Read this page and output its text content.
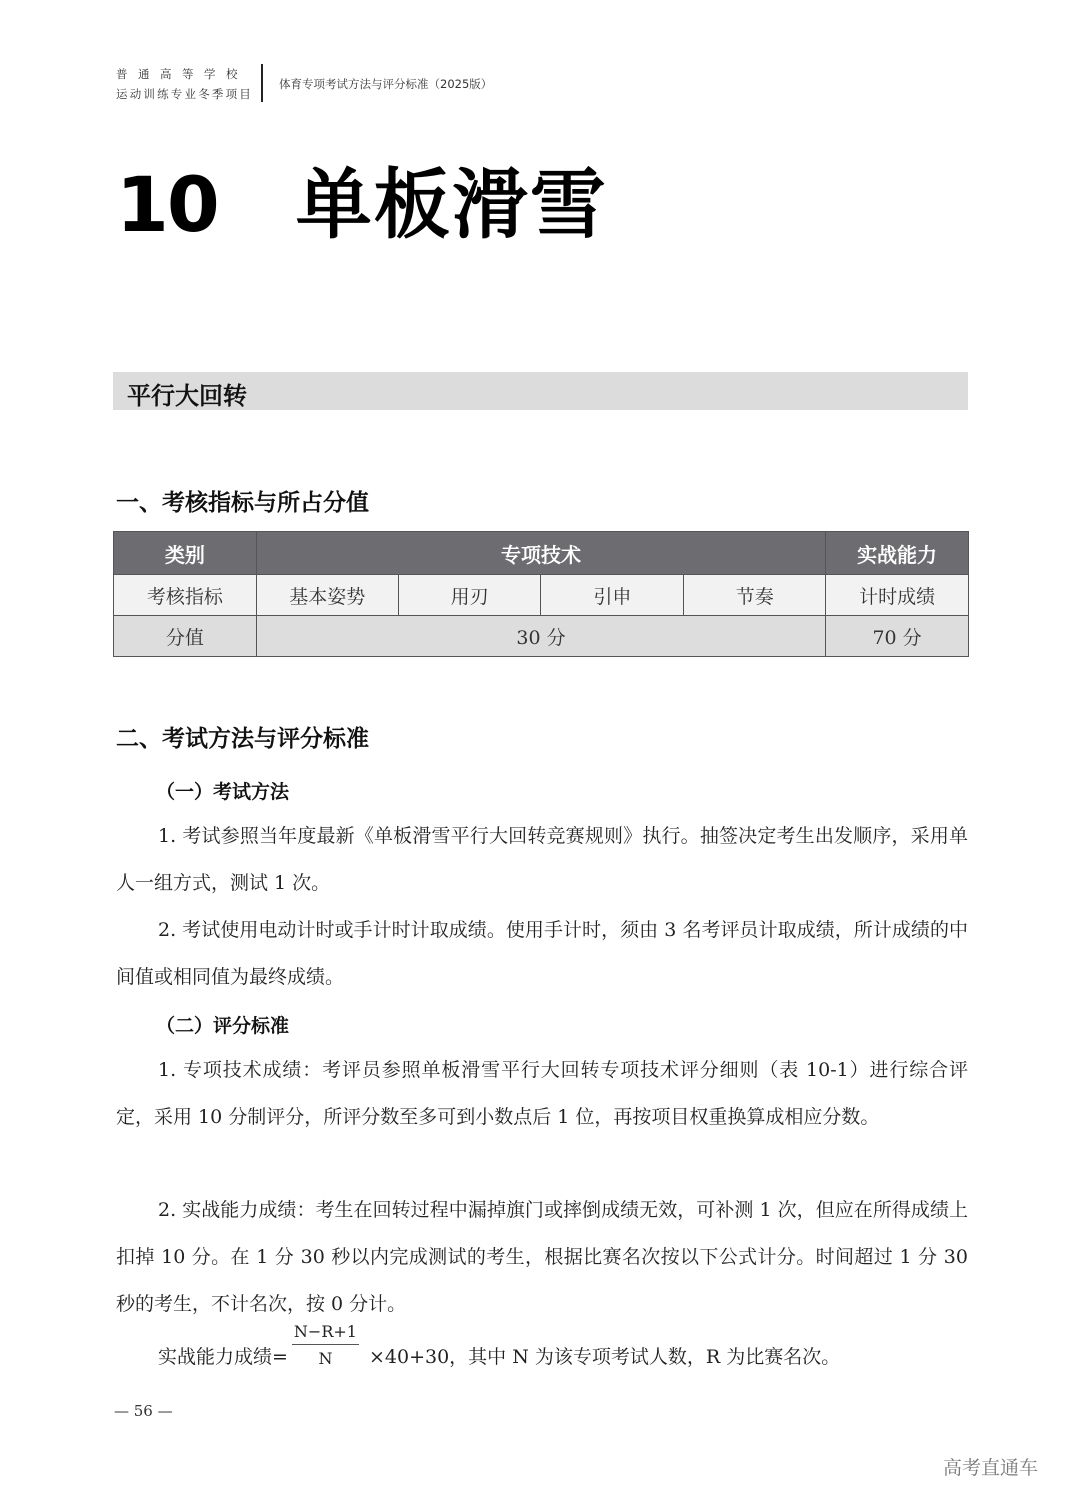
普通高等学校
运动训练专业冬季项目
体育专项考试方法与评分标准（2025版）
10 单板滑雪
平行大回转
一、考核指标与所占分值
类别	专项技术				实战能力
考核指标	基本姿势	用刃	引申	节奏	计时成绩
分值	30 分				70 分
二、考试方法与评分标准
（一）考试方法
1. 考试参照当年度最新《单板滑雪平行大回转竞赛规则》执行。抽签决定考生出发顺序，采用单人一组方式，测试 1 次。
2. 考试使用电动计时或手计时计取成绩。使用手计时，须由 3 名考评员计取成绩，所计成绩的中间值或相同值为最终成绩。
（二）评分标准
1. 专项技术成绩：考评员参照单板滑雪平行大回转专项技术评分细则（表 10-1）进行综合评定，采用 10 分制评分，所评分数至多可到小数点后 1 位，再按项目权重换算成相应分数。
2. 实战能力成绩：考生在回转过程中漏掉旗门或摔倒成绩无效，可补测 1 次，但应在所得成绩上扣掉 10 分。在 1 分 30 秒以内完成测试的考生，根据比赛名次按以下公式计分。时间超过 1 分 30 秒的考生，不计名次，按 0 分计。
实战能力成绩= $\frac{N-R+1}{N} \times 40+30$，其中 N 为该专项考试人数，R 为比赛名次。
— 56 —
高考直通车
